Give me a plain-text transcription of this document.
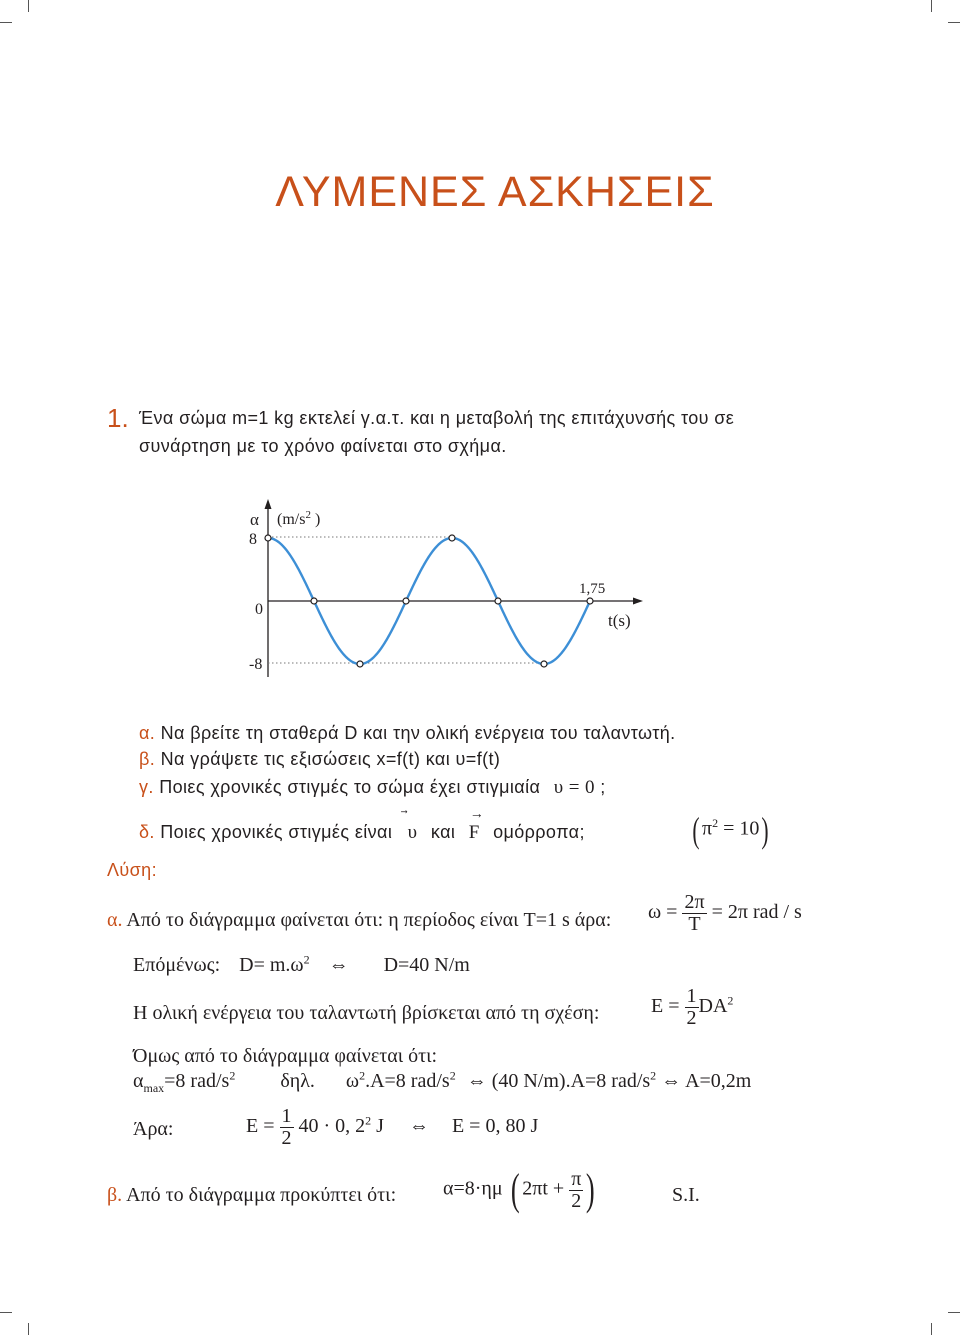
ΛΥΜΕΝΕΣ ΑΣΚΗΣΕΙΣ
1. Ένα σώμα m=1 kg εκτελεί γ.α.τ. και η μεταβολή της επιτάχυνσής του σε
συνάρτηση με το χρόνο φαίνεται στο σχήμα.
α ($m/s^2$ )
8
0
-8
1,75
t(s)
α. Να βρείτε τη σταθερά D και την ολική ενέργεια του ταλαντωτή.
β. Να γράψετε τις εξισώσεις x=f(t) και υ=f(t)
γ. Ποιες χρονικές στιγμές το σώμα έχει στιγμιαία υ = 0 ;
δ. Ποιες χρονικές στιγμές είναι
⃗
υ και
→
F ομόρροπα;	( $\pi^2 = 10$)
Λύση:
α. Από το διάγραμμα φαίνεται ότι: η περίοδος είναι T=1 s άρα: $\omega = \frac{2\pi}{T} = 2\pi$ rad / s
Επόμένως: $D= m.\omega^2$ ⇔ D=40 N/m
Η ολική ενέργεια του ταλαντωτή βρίσκεται από τη σχέση:	$E = \frac{1}{2} DA^2$
Όμως από το διάγραμμα φαίνεται ότι:
$\alpha_{max}=8$ rad/$s^2$ δηλ. $\omega^2.A=8$ rad/$s^2$ ⇔ (40 N/m).A=8 rad/$s^2$ ⇔ A=0,2m
Άρα:	$E = \frac{1}{2} 40 \cdot 0$, $2^2$ J ⇔ E = 0, 80 J
β. Από το διάγραμμα προκύπτει ότι: α=8·ημ ( $2\pi t + \frac{\pi}{2}$ )	S.I.
